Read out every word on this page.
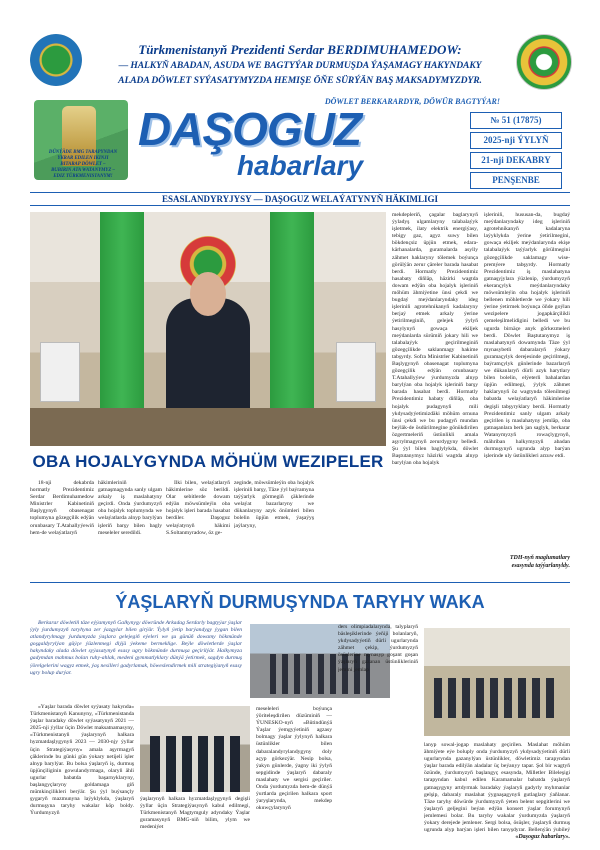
Türkmenistanyň Prezidenti Serdar BERDIMUHAMEDOW:
— HALKYŇ ABADAN, ASUDA WE BAGTYÝAR DURMUŞDA ÝAŞAMAGY HAKYNDAKY
ALADA DÖWLET SYÝASATYMYZDA HEMIŞE ÖŇE SÜRÝÄN BAŞ MAKSADYMYZDYR.
DÖWLET BERKARARDYR, DÖWÜR BAGTYÝAR!
DÜNÝÄDE BMG TARAPYNDAN
YKRAR EDILEN IKINJI
BITARAP DÖWLET –
BUBIRIN ATA WATANYMYZ –
EDIZ TÜRKMENISTANYM!
DAŞOGUZ
habarlary
№ 51 (17875)
2025-nji ÝYLYŇ
21-nji DEKABRY
PENŞENBE
ESASLANDYRYJYSY — DAŞOGUZ WELAÝATYNYŇ HÄKIMLIGI
OBA HOJALYGYNDA MÖHÜM WEZIPELER

18-nji dekabrda hormatly Prezidentimiz Serdar Berdimuhamedow Ministrler Kabinetiniň Başlygynyň obasenagat toplumyna gözegçilik edýän orunbasary T.Atahallyýewiň hem-de welaýatlaryň

häkimleriniň gatnaşmagynda sanly ulgam arkaly iş maslahatyny geçirdi. Onda ýurdumyzyň oba hojalyk toplumynda we welaýatlarda alnyp barylýan işleriň barşy bilen bagly meseleler seredildi.

Ilki bilen, welaýatlaryň häkimlerine söz berildi. Olar sebitlerde dowam edýän möwsümleýin oba hojalyk işleri barada hasabat berdiler. Daşoguz welaýatynyň häkimi S.Soltanmyradow, öz ge-

zeginde, möwsümleýin oba hojalyk işleriniň barşy, Täze ýyl baýramyna taýýarlyk görmegiň çäklerinde welaýat bazarlaryny we dükanlaryny azyk önümleri bilen bolelin üpjün etmek, ýaşaýyş jaýlaryny,

mekdepleriň, çagalar baglarynyň ýyladyş ulgamlaryny talabalaýyk işletmek, ilaty elektrik energiýasy, tebigy gaz, agyz suwy bilen bökdençsiz üpjün etmek, edara-kärhanalarda, guramalarda asylly zähmet haklaryny tölemek boýunça görülýän zerur çäreler barada hasabat berdi. Hormatly Prezidentimiz hasabaty diňläp, häzirki wagtda dowam edýän oba hojalyk işleriniň möhüm ähmiýetine ünsi çekdi we bugdaý meýdanlaryndaky ideg işleriniň agrotehnikanyň kadalaryny berjaý etmek arkaly ýerine ýetirilmeginiň, gelejek ýylyň hasylynyň gowaça ekiljek meýdanlarda sürümiň jokary hili we talabalaýyk geçirilmeginiň gözegçilikde saklanmagy hakime tabşyrdy. Sofra Ministrler Kabinetiniň Başlygynyň obasenagat toplumyna gözegçilik edýän orunbasary T.Atahallyýew ýurdumyzda alnyp barylýan oba hojalyk işleriniň barşy barada hasabat berdi. Hormatly Prezidentimiz habaty diňläp, oba hojalyk pudagynyň mili ykdysadyýetimizdäki möhüm ornuna ünsi çekdi we bu pudagyň mundan beýläk-de ösdürilmegine gönükdirilen özgertmeleriň üstünlikli amala aşyrylmagynyň zerurdygyny belledi. Şu ýyl bilen baglylykda, döwlet Baştutanymyz häzirki wagtda alnyp barylýan oba hojalyk

işleriniň, hususan-da, bugdaý meýdanlaryndaky ideg işleriniň agrotehnikanyň kadalaryna laýyklykda ýerine ýetirilmegini, gowaça ekiljek meýdanlarynda ekişe talabalaýyk taýýarlyk görülmegini gözegçilikde saklamagy wise-premýere tabşyrdy. Hormatly Prezidentimiz iş maslahatyna gatnaşyjylara ýüzlenip, ýurdumyzyň ekerançylyk meýdanlaryndaky möwsümleýin oba hojalyk işleriniň bellenen möhletlerde we ýokary hili ýerine ýetirmek boýunça öňde goýlan wezipelere jogapkärçilikli çemeleşilmelidigini belledi we bu ugurda birnäçe anyk görkezmeleri berdi. Döwlet Baştutanymyz iş maslahatynyň dowamynda Täze ýyl mynasybetli dabaralaryň ýokary guramaçylyk derejesinde geçirilmegi, baýramçylyk günlerinde bazarlaryň we dükanlaryň dürli azyk harytlary bilen bolelin, elýeterli bahalardan üpjün edilmegi, ýylyk zähmet haklarynyň öz wagtynda tölenilmegi babatda welaýatlaryň häkimlerine degişli tabşyryklary berdi. Hormatly Prezidentimiz sanly ulgam arkaly geçirilen iş maslahatyny jemläp, oba gatnaşanlara berk jan saglyk, berkarar Watanymyzyň rowaçlygynyň, mähriban halkymyzyň abadan durmuşynyň ugrunda alyp barýan işlerinde uly üstünlikleri arzuw etdi.

TDH-nyň maglumatlary
esasynda taýýarlanyldy.
ÝAŞLARYŇ DURMUŞYNDA TARYHY WAKA

Berkarar döwletiň täze eýýamynyň Galkynyşy döwründe Arkadag Serdarly bagtyýar ýaşlar ýyly ýurdumyzyň taryhyna zer ýazgylar bilen girýär. Ýylyň ýetip barýandygy ýygan bilen atlandyrylmagy ýurdumyzda ýaşlara gelejegiň eýeleri we şu günüň dowamy hökmünde goşgaldyrylýan güýçe ýüzlenmegi diýjä ýekeme bermeklige. Beýle döwletlerde ýaşlar hakyndaky alada döwlet syýasatynyň esasy ugry hökmünde durmuşa geçirilýär. Halkymyza gadymdan mahmus bolan ruhy-ahlak, medeni gymmatlyklary dünýä ýetirmek, sagdyn durmuş ýörelgelerini wagyz etmek, ýaş nesilleri gadyrlamak, höweslendirmek mili strategiýanyň esasy ugry bolup durýar.

«Ýaşlar barada döwlet syýasaty hakynda» Türkmenistanyň Kanunyny, «Türkmenistanda ýaşlar baradaky döwlet syýasatynyň 2021 — 2025-nji ýyllar üçin Döwlet maksatnamasyny, «Türkmenistanyň ýaşlarynyň halkara hyzmatdaşlygynyň 2023 — 2030-njy ýyllar üçin Strategiýasyny» amala aşyrmagyň çäklerinde bu günki gün ýokary netijeli işler alnyp barylýar. Bu bolsa ýaşlaryň iş, durmuş üpjünçiliginin gowulandyrmaga, olaryň ähli ugurlar babatda başarnyklaryny, başlangyçlaryny goldamaga giň mümkinçilikleri berýär. Şu ýyl buýsançly şygaryň mazmunyna laýyklykda, ýaşlaryň durmuşyna taryhy wakalar köp boldy. Ýurdumyzyň

ýaşlarynyň halkara hyzmatdaşlygynyň degişli ýyllar üçin Strategiýasynyň kabul edilmegi, Türkmenistanyň Magtymguly adyndaky Ýaşlar guramasynyň BMG-niň bilim, ylym we medeniýet

meseleleri boýunça ýöriteleşdirilen düzüminiň — ÝUNESKO-nyň «Bütindünýä Ýaşlar ýemgyýetiniň agzasy bolmagy ýaşlar ýylynyň halkara üstünlikler bilen dabaralandyrylandygyny doly açyp görkezýär. Nesip bolsa, ýakyn günlerde, ýagny iki ýylyň sepgidinde ýaşlaryň dabaraly maslahaty we sergisi geçiriler. Onda ýurdumyzda hem-de dünýä ýurtlarda geçirilen halkara sport ýaryşlarynda, mekdep okuwçylarynyň

ders olimpiadalarynda, talyplaryň bäsleşiklerinde ýeňiji bolanlaryň, ykdysadyýetiň dürli ugurlarynda zähmet çekip, ýurdumyzyň ösüşlerine mynasyp goşant goşan ýaşlaryň gazanan üstünlikleriniň jemini jemlap

lanyp sowal-jogap maslahaty geçirilen. Maslahat möhüm ähmiýete eýe boluply onda ýurdumyzyň ykdysadyýetiniň dürli ugurlarynda gazanylýan üstünlikler, döwletimiz tarapyndan ýaşlar barada edilýän aladalar üç beýanyy tapar. Şol bir wagtyň özünde, ýurdumyzyň başlangyç esasynda, Milletler Bileleşigi tarapyndan kabul edilen Karamamalar babatda ýaşlaryň gatnaşygyny artdyrmak baradaky ýaşlaryň gadyrly myhmanlar gelşip, dabaraly maslahat ýygnaşagynyň gutlaglary ýaňlanar. Täze taryhy döwürde ýurdumyzyň ýeten belent sepgitlerini we ýaşlaryň geljegini beýan edýän konsert ýaşlar forumynyň jemlemesi bolar. Bu taryhy wakalar ýurdumyzda ýaşlaryň ýokary derejede jemlener. Sergi bolsa, ösüşler, ýaşlaryň durmuş ugrunda alyp barýan işleri bilen tanyşdyrar. Bellenýän ýubileý

«Daşoguz habarlary».
